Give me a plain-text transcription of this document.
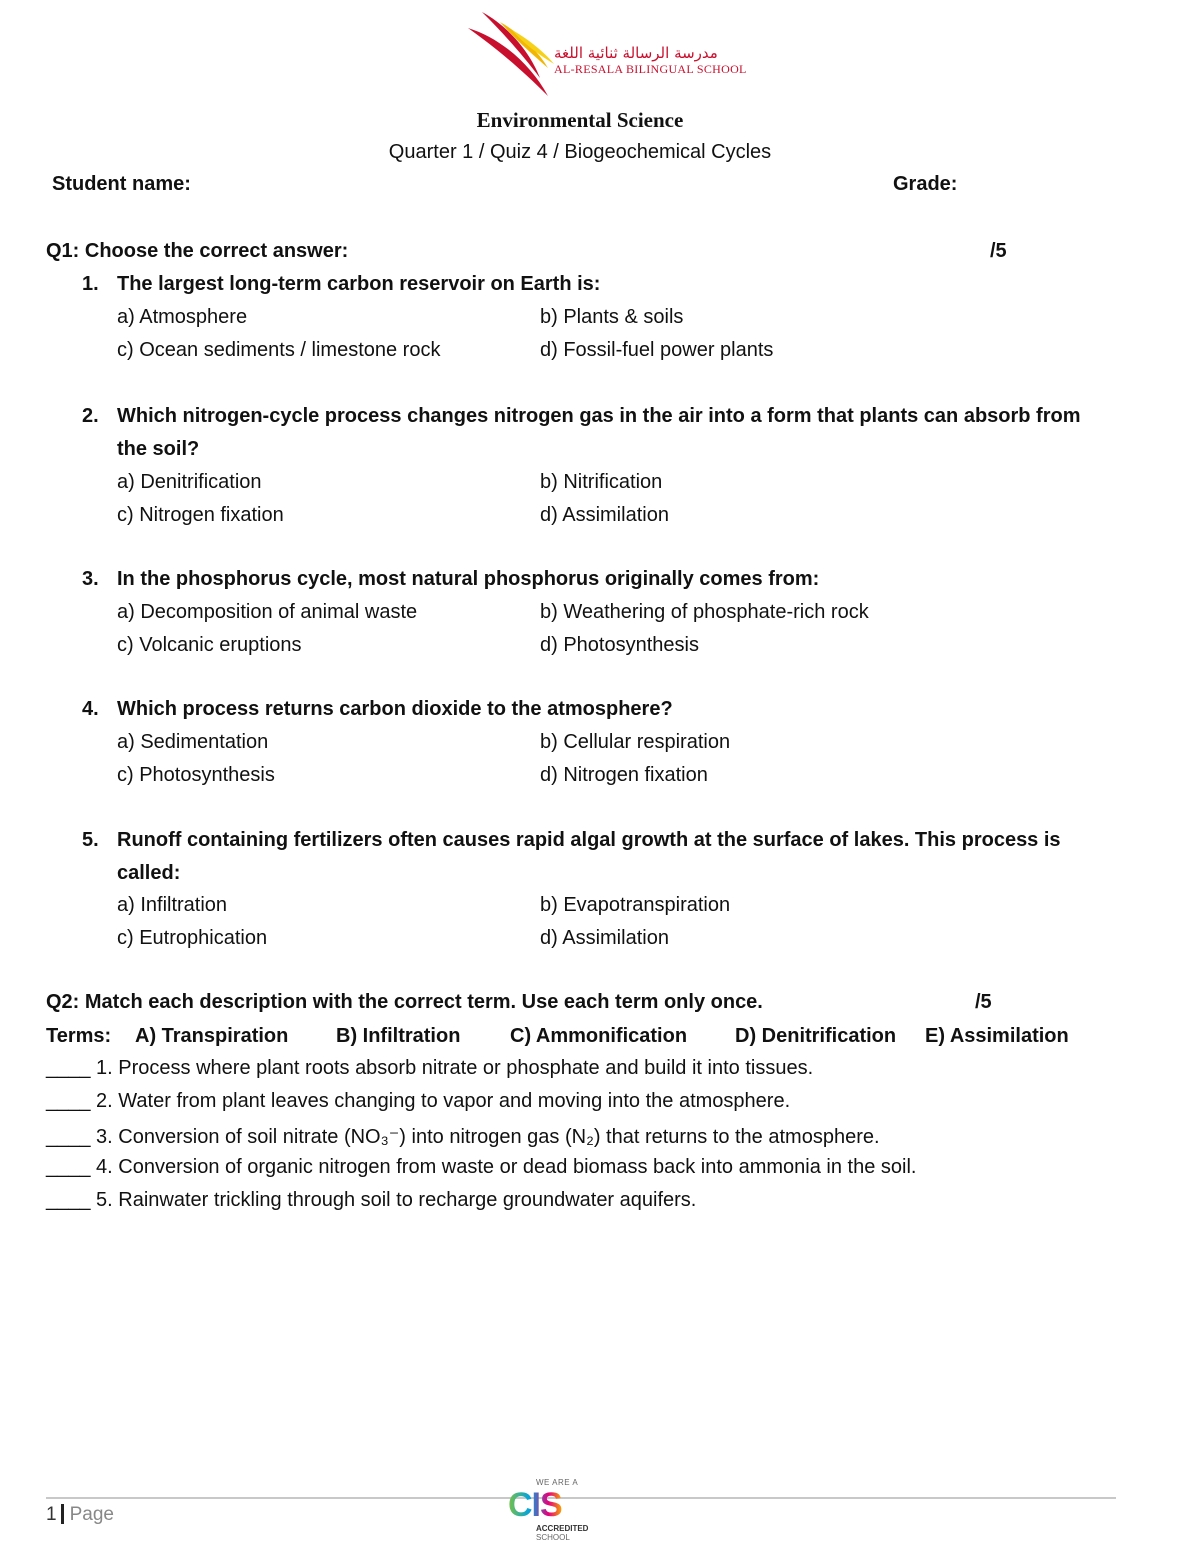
مدرسة الرسالة ثنائية اللغة
AL-RESALA BILINGUAL SCHOOL
Environmental Science
Quarter 1 / Quiz 4 / Biogeochemical Cycles
Student name:	Grade:
Q1: Choose the correct answer:	/5
1. The largest long-term carbon reservoir on Earth is:
a) Atmosphere	b) Plants & soils
c) Ocean sediments / limestone rock	d) Fossil-fuel power plants
2. Which nitrogen-cycle process changes nitrogen gas in the air into a form that plants can absorb from
the soil?
a) Denitrification	b) Nitrification
c) Nitrogen fixation	d) Assimilation
3. In the phosphorus cycle, most natural phosphorus originally comes from:
a) Decomposition of animal waste	b) Weathering of phosphate-rich rock
c) Volcanic eruptions	d) Photosynthesis
4. Which process returns carbon dioxide to the atmosphere?
a) Sedimentation	b) Cellular respiration
c) Photosynthesis	d) Nitrogen fixation
5. Runoff containing fertilizers often causes rapid algal growth at the surface of lakes. This process is
called:
a) Infiltration	b) Evapotranspiration
c) Eutrophication	d) Assimilation
Q2: Match each description with the correct term. Use each term only once.	/5
Terms: A) Transpiration B) Infiltration C) Ammonification D) Denitrification E) Assimilation
____ 1. Process where plant roots absorb nitrate or phosphate and build it into tissues.
____ 2. Water from plant leaves changing to vapor and moving into the atmosphere.
____ 3. Conversion of soil nitrate (NO₃⁻) into nitrogen gas (N₂) that returns to the atmosphere.
____ 4. Conversion of organic nitrogen from waste or dead biomass back into ammonia in the soil.
____ 5. Rainwater trickling through soil to recharge groundwater aquifers.
1 Page
WE ARE A
CIS
ACCREDITED
SCHOOL
